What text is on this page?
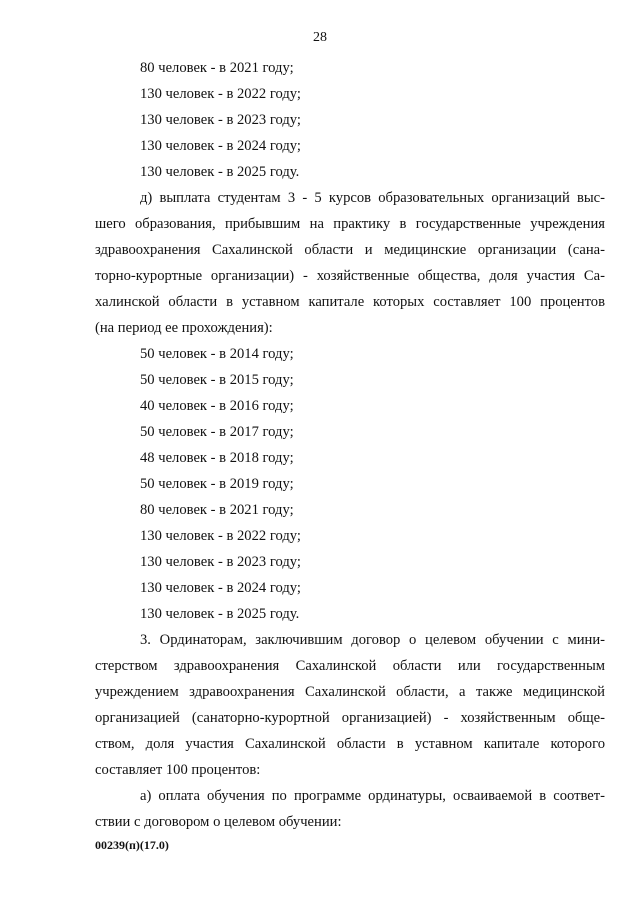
28
80 человек - в 2021 году;
130 человек - в 2022 году;
130 человек - в 2023 году;
130 человек - в 2024 году;
130 человек - в 2025 году.
д) выплата студентам 3 - 5 курсов образовательных организаций выс-
шего образования, прибывшим на практику в государственные учреждения
здравоохранения Сахалинской области и медицинские организации (сана-
торно-курортные организации) - хозяйственные общества, доля участия Са-
халинской области в уставном капитале которых составляет 100 процентов
(на период ее прохождения):
50 человек - в 2014 году;
50 человек - в 2015 году;
40 человек - в 2016 году;
50 человек - в 2017 году;
48 человек - в 2018 году;
50 человек - в 2019 году;
80 человек - в 2021 году;
130 человек - в 2022 году;
130 человек - в 2023 году;
130 человек - в 2024 году;
130 человек - в 2025 году.
3. Ординаторам, заключившим договор о целевом обучении с мини-
стерством здравоохранения Сахалинской области или государственным
учреждением здравоохранения Сахалинской области, а также медицинской
организацией (санаторно-курортной организацией) - хозяйственным обще-
ством, доля участия Сахалинской области в уставном капитале которого
составляет 100 процентов:
а) оплата обучения по программе ординатуры, осваиваемой в соответ-
ствии с договором о целевом обучении:
00239(п)(17.0)
